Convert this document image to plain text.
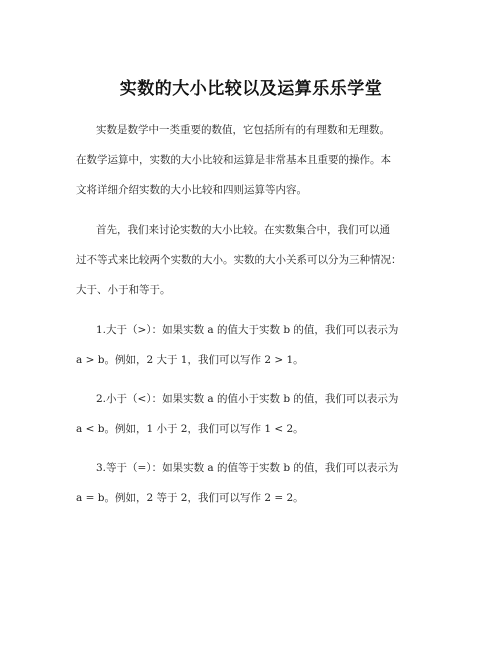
实数的大小比较以及运算乐乐学堂
实数是数学中一类重要的数值，它包括所有的有理数和无理数。
在数学运算中，实数的大小比较和运算是非常基本且重要的操作。本
文将详细介绍实数的大小比较和四则运算等内容。
首先，我们来讨论实数的大小比较。在实数集合中，我们可以通
过不等式来比较两个实数的大小。实数的大小关系可以分为三种情况：
大于、小于和等于。
1.大于（>）：如果实数 a 的值大于实数 b 的值，我们可以表示为
a > b。例如，2 大于 1，我们可以写作 2 > 1。
2.小于（<）：如果实数 a 的值小于实数 b 的值，我们可以表示为
a < b。例如，1 小于 2，我们可以写作 1 < 2。
3.等于（=）：如果实数 a 的值等于实数 b 的值，我们可以表示为
a = b。例如，2 等于 2，我们可以写作 2 = 2。
